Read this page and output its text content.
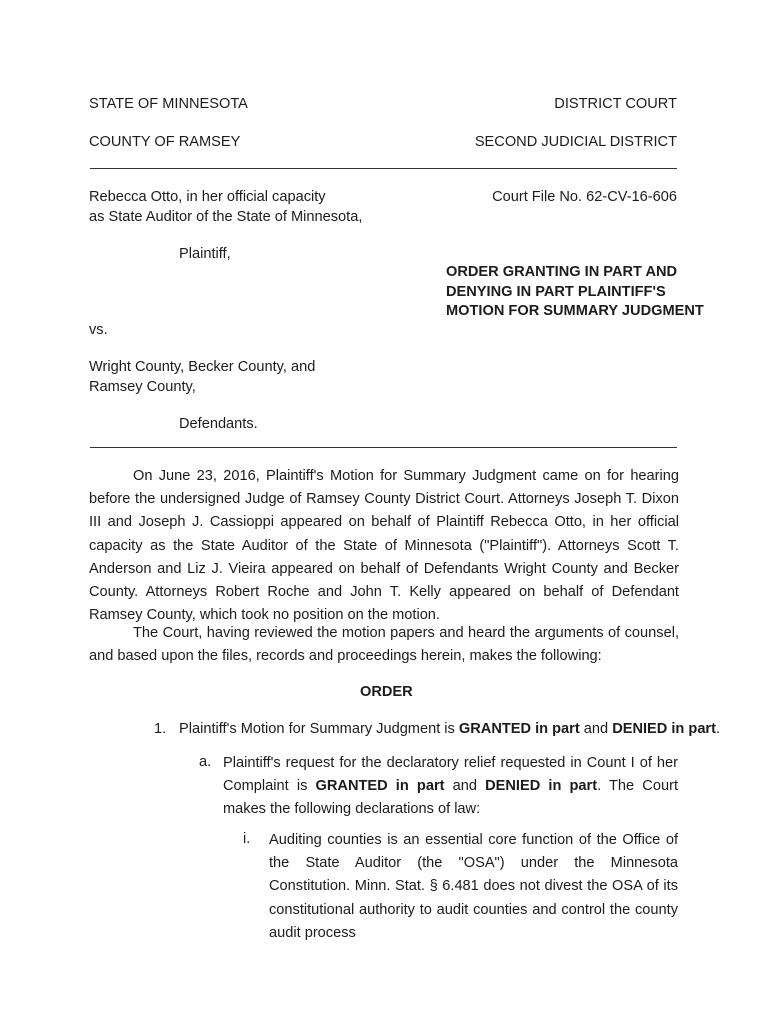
STATE OF MINNESOTA	DISTRICT COURT
COUNTY OF RAMSEY	SECOND JUDICIAL DISTRICT
Rebecca Otto, in her official capacity
as State Auditor of the State of Minnesota,
Court File No. 62-CV-16-606
Plaintiff,
ORDER GRANTING IN PART AND
DENYING IN PART PLAINTIFF'S
MOTION FOR SUMMARY JUDGMENT
vs.
Wright County, Becker County, and
Ramsey County,
Defendants.
On June 23, 2016, Plaintiff's Motion for Summary Judgment came on for hearing before the undersigned Judge of Ramsey County District Court. Attorneys Joseph T. Dixon III and Joseph J. Cassioppi appeared on behalf of Plaintiff Rebecca Otto, in her official capacity as the State Auditor of the State of Minnesota ("Plaintiff"). Attorneys Scott T. Anderson and Liz J. Vieira appeared on behalf of Defendants Wright County and Becker County. Attorneys Robert Roche and John T. Kelly appeared on behalf of Defendant Ramsey County, which took no position on the motion.
The Court, having reviewed the motion papers and heard the arguments of counsel, and based upon the files, records and proceedings herein, makes the following:
ORDER
1. Plaintiff's Motion for Summary Judgment is GRANTED in part and DENIED in part.
a. Plaintiff's request for the declaratory relief requested in Count I of her Complaint is GRANTED in part and DENIED in part. The Court makes the following declarations of law:
i. Auditing counties is an essential core function of the Office of the State Auditor (the "OSA") under the Minnesota Constitution. Minn. Stat. § 6.481 does not divest the OSA of its constitutional authority to audit counties and control the county audit process
